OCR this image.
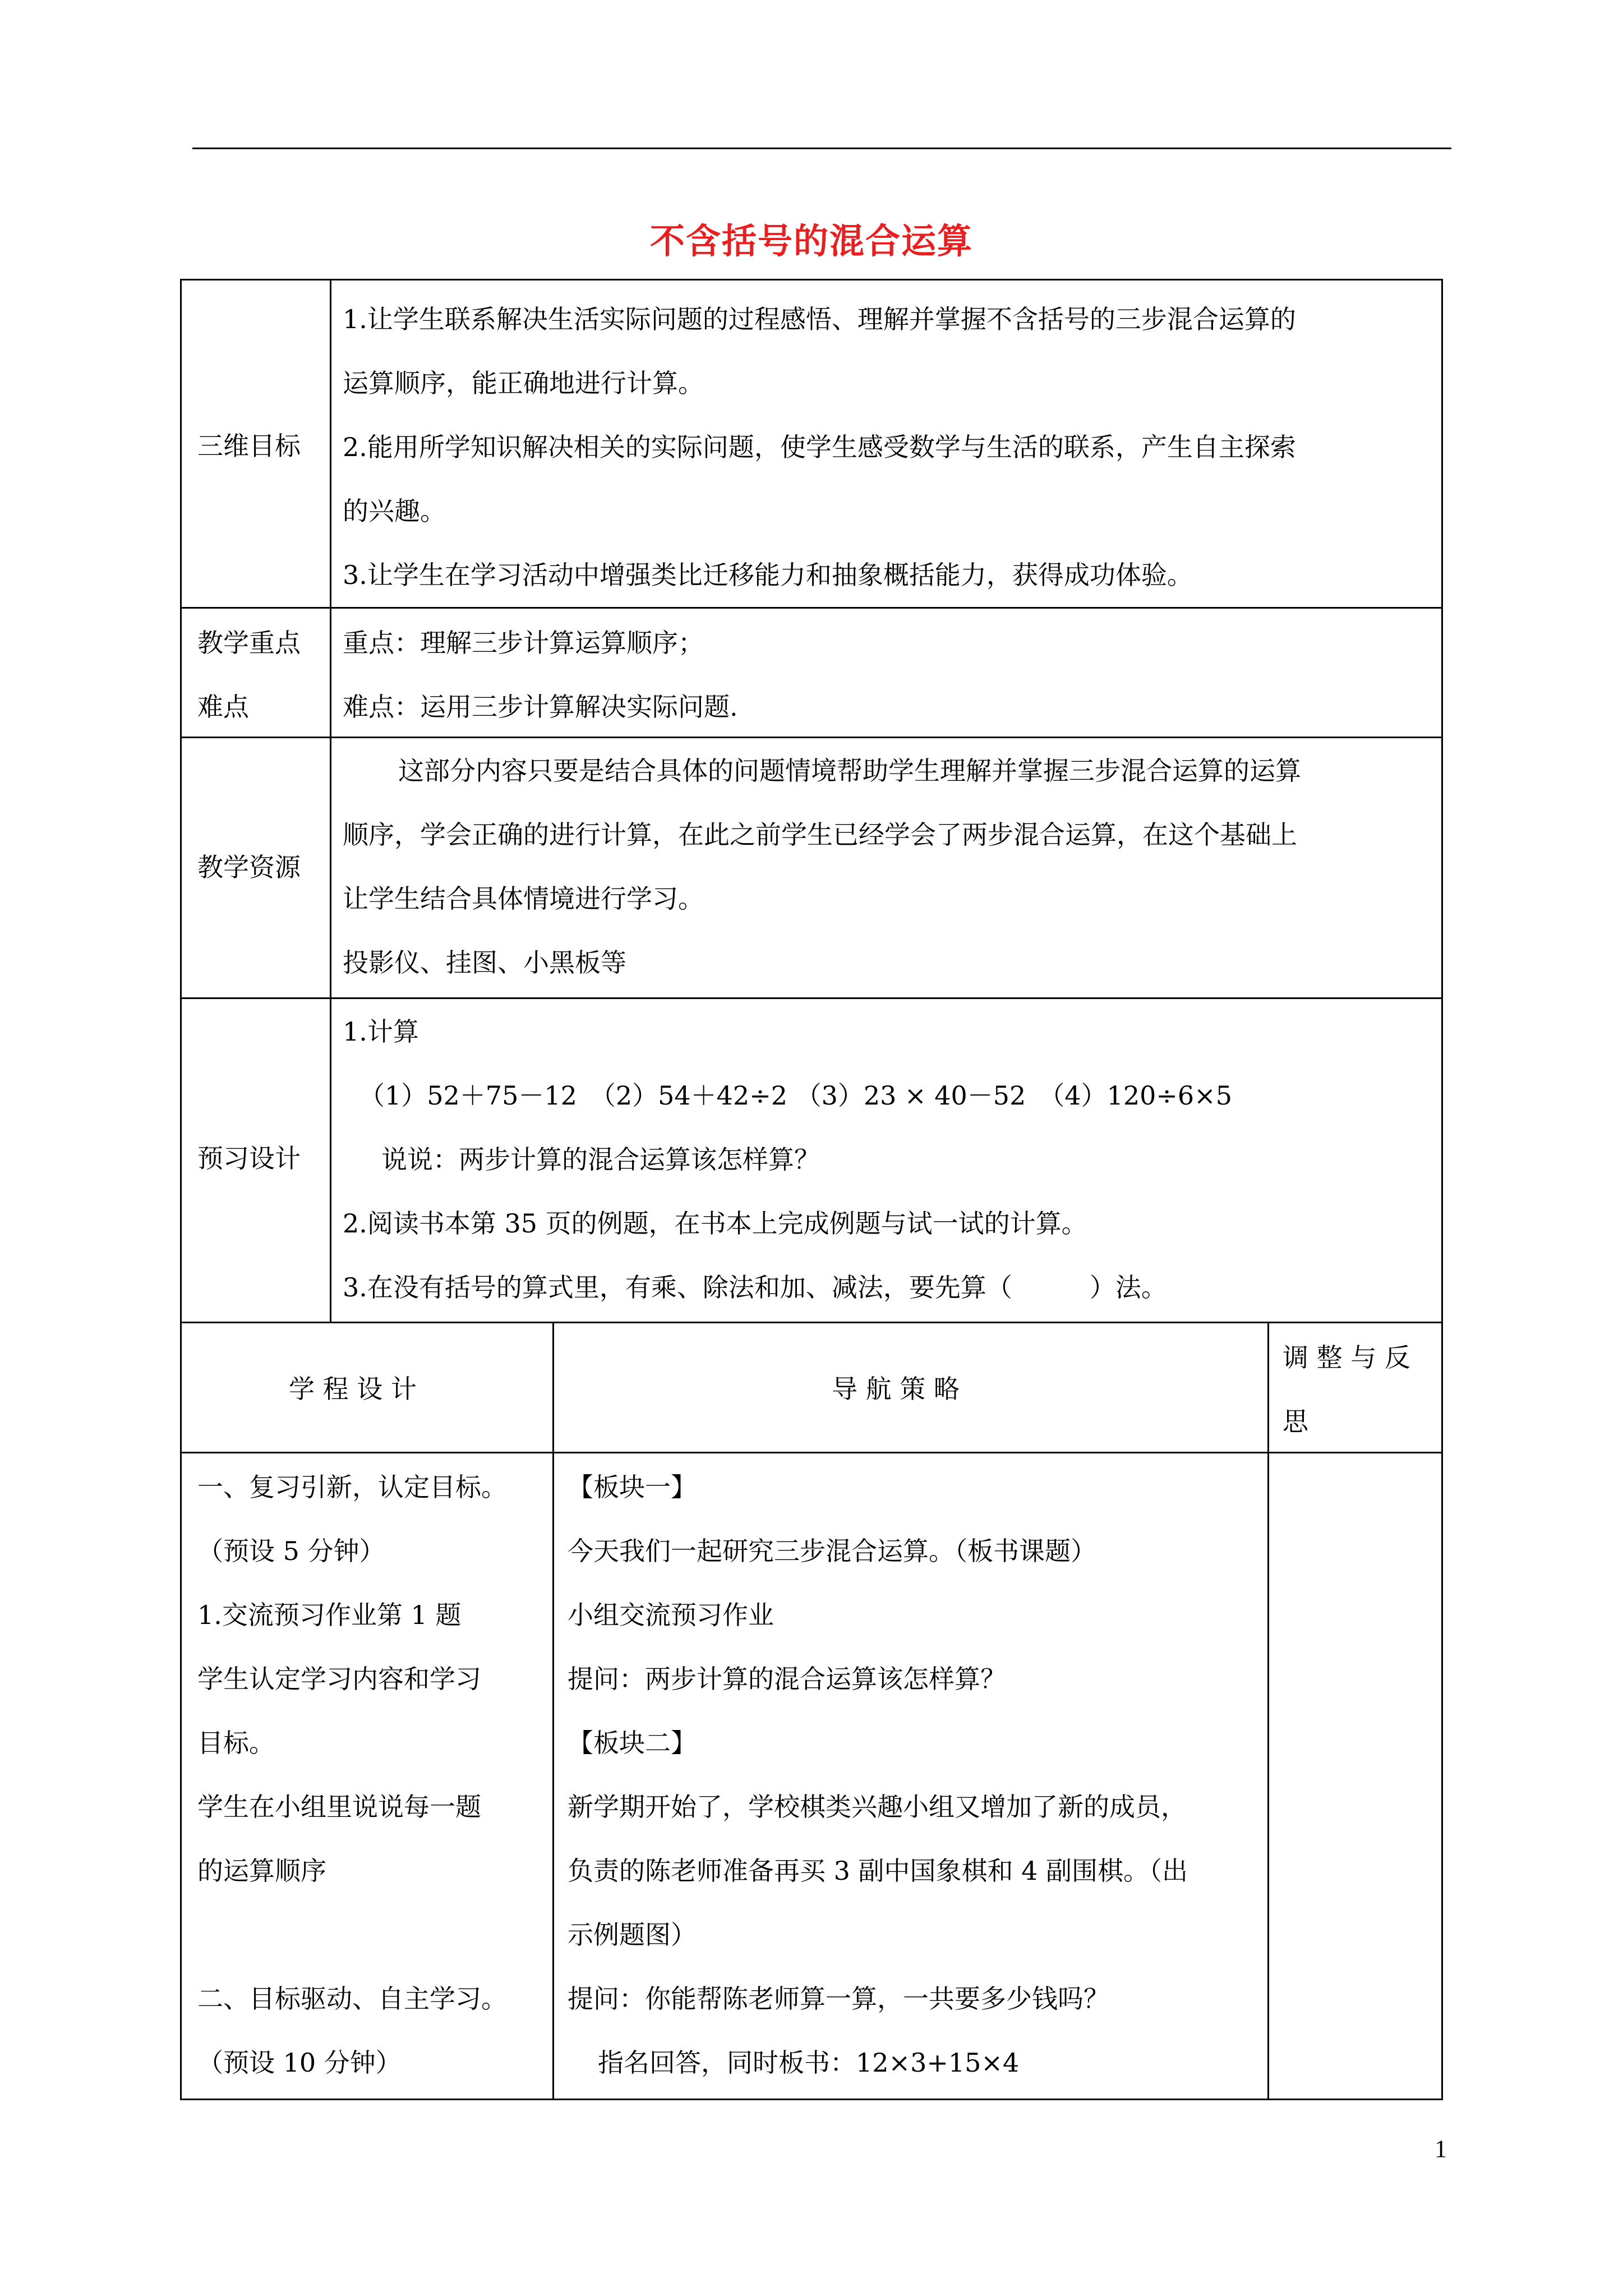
不含括号的混合运算
三维目标
1.让学生联系解决生活实际问题的过程感悟、理解并掌握不含括号的三步混合运算的
运算顺序，能正确地进行计算。
2.能用所学知识解决相关的实际问题，使学生感受数学与生活的联系，产生自主探索
的兴趣。
3.让学生在学习活动中增强类比迁移能力和抽象概括能力，获得成功体验。
教学重点
难点
重点：理解三步计算运算顺序；
难点：运用三步计算解决实际问题.
教学资源
这部分内容只要是结合具体的问题情境帮助学生理解并掌握三步混合运算的运算
顺序，学会正确的进行计算，在此之前学生已经学会了两步混合运算，在这个基础上
让学生结合具体情境进行学习。
投影仪、挂图、小黑板等
预习设计
1.计算
（1）52＋75－12　（2）54＋42÷2 （3）23 × 40－52　（4）120÷6×5
说说：两步计算的混合运算该怎样算？
2.阅读书本第 35 页的例题，在书本上完成例题与试一试的计算。
3.在没有括号的算式里，有乘、除法和加、减法，要先算（　　　）法。
学 程 设 计	导 航 策 略
调 整 与 反
思
一、复习引新，认定目标。
（预设 5 分钟）
1.交流预习作业第 1 题
学生认定学习内容和学习
目标。
学生在小组里说说每一题
的运算顺序
二、目标驱动、自主学习。
（预设 10 分钟）
【板块一】
今天我们一起研究三步混合运算。（板书课题）
小组交流预习作业
提问：两步计算的混合运算该怎样算？
【板块二】
新学期开始了，学校棋类兴趣小组又增加了新的成员，
负责的陈老师准备再买 3 副中国象棋和 4 副围棋。（出
示例题图）
提问：你能帮陈老师算一算，一共要多少钱吗？
指名回答，同时板书：12×3+15×4
1
